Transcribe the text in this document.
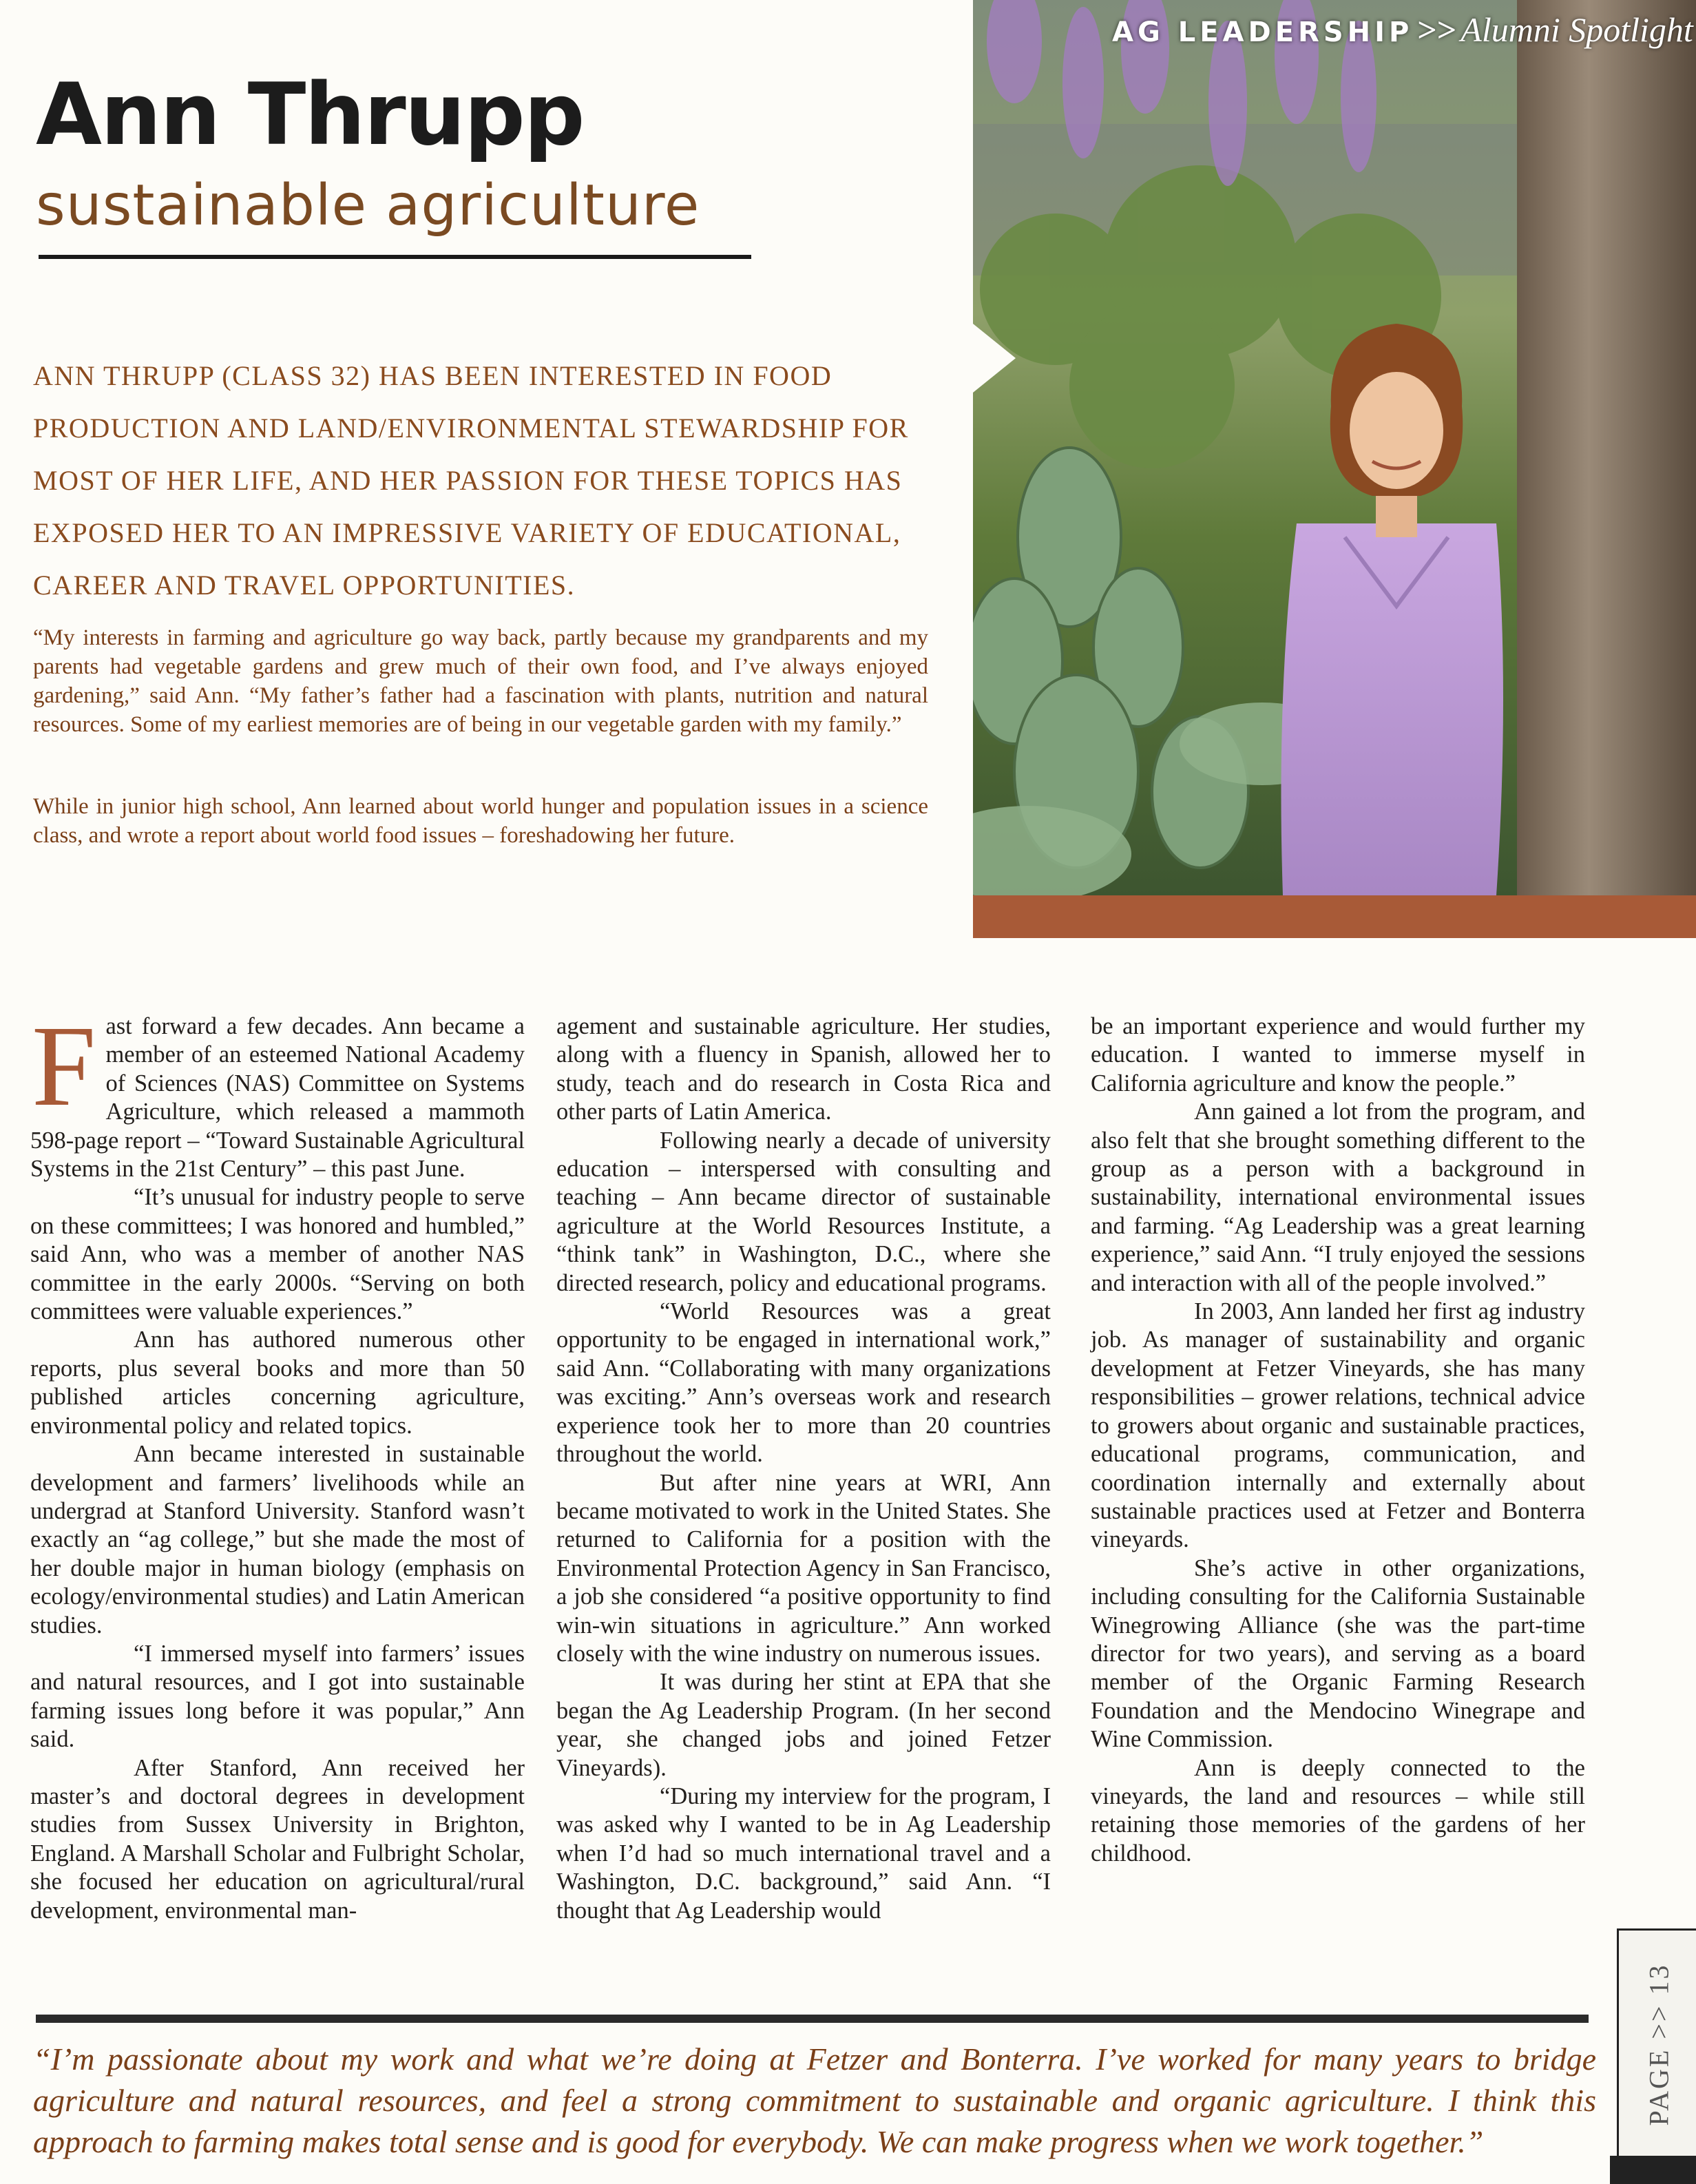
Ann Thrupp
sustainable agriculture
ANN THRUPP (CLASS 32) HAS BEEN INTERESTED IN FOOD PRODUCTION AND LAND/ENVIRONMENTAL STEWARDSHIP FOR MOST OF HER LIFE, AND HER PASSION FOR THESE TOPICS HAS EXPOSED HER TO AN IMPRESSIVE VARIETY OF EDUCATIONAL, CAREER AND TRAVEL OPPORTUNITIES.
“My interests in farming and agriculture go way back, partly because my grandparents and my parents had vegetable gardens and grew much of their own food, and I’ve always enjoyed gardening,” said Ann. “My father’s father had a fascination with plants, nutrition and natural resources. Some of my earliest memories are of being in our vegetable garden with my family.”
While in junior high school, Ann learned about world hunger and population issues in a science class, and wrote a report about world food issues – foreshadowing her future.
AG LEADERSHIP >> Alumni Spotlight

Fast forward a few decades. Ann became a member of an esteemed National Academy of Sciences (NAS) Committee on Systems Agriculture, which released a mammoth 598-page report – “Toward Sustainable Agricultural Systems in the 21st Century” – this past June.

“It’s unusual for industry people to serve on these committees; I was honored and humbled,” said Ann, who was a member of another NAS committee in the early 2000s. “Serving on both committees were valuable experiences.”

Ann has authored numerous other reports, plus several books and more than 50 published articles concerning agriculture, environmental policy and related topics.

Ann became interested in sustainable development and farmers’ livelihoods while an undergrad at Stanford University. Stanford wasn’t exactly an “ag college,” but she made the most of her double major in human biology (emphasis on ecology/environmental studies) and Latin American studies.

“I immersed myself into farmers’ issues and natural resources, and I got into sustainable farming issues long before it was popular,” Ann said.

After Stanford, Ann received her master’s and doctoral degrees in development studies from Sussex University in Brighton, England. A Marshall Scholar and Fulbright Scholar, she focused her education on agricultural/rural development, environmental man-

agement and sustainable agriculture. Her studies, along with a fluency in Spanish, allowed her to study, teach and do research in Costa Rica and other parts of Latin America.

Following nearly a decade of university education – interspersed with consulting and teaching – Ann became director of sustainable agriculture at the World Resources Institute, a “think tank” in Washington, D.C., where she directed research, policy and educational programs.

“World Resources was a great opportunity to be engaged in international work,” said Ann. “Collaborating with many organizations was exciting.” Ann’s overseas work and research experience took her to more than 20 countries throughout the world.

But after nine years at WRI, Ann became motivated to work in the United States. She returned to California for a position with the Environmental Protection Agency in San Francisco, a job she considered “a positive opportunity to find win-win situations in agriculture.” Ann worked closely with the wine industry on numerous issues.

It was during her stint at EPA that she began the Ag Leadership Program. (In her second year, she changed jobs and joined Fetzer Vineyards).

“During my interview for the program, I was asked why I wanted to be in Ag Leadership when I’d had so much international travel and a Washington, D.C. background,” said Ann. “I thought that Ag Leadership would

be an important experience and would further my education. I wanted to immerse myself in California agriculture and know the people.”

Ann gained a lot from the program, and also felt that she brought something different to the group as a person with a background in sustainability, international environmental issues and farming. “Ag Leadership was a great learning experience,” said Ann. “I truly enjoyed the sessions and interaction with all of the people involved.”

In 2003, Ann landed her first ag industry job. As manager of sustainability and organic development at Fetzer Vineyards, she has many responsibilities – grower relations, technical advice to growers about organic and sustainable practices, educational programs, communication, and coordination internally and externally about sustainable practices used at Fetzer and Bonterra vineyards.

She’s active in other organizations, including consulting for the California Sustainable Winegrowing Alliance (she was the part-time director for two years), and serving as a board member of the Organic Farming Research Foundation and the Mendocino Winegrape and Wine Commission.

Ann is deeply connected to the vineyards, the land and resources – while still retaining those memories of the gardens of her childhood.

PAGE >> 13
“I’m passionate about my work and what we’re doing at Fetzer and Bonterra. I’ve worked for many years to bridge agriculture and natural resources, and feel a strong commitment to sustainable and organic agriculture. I think this approach to farming makes total sense and is good for everybody. We can make progress when we work together.”
